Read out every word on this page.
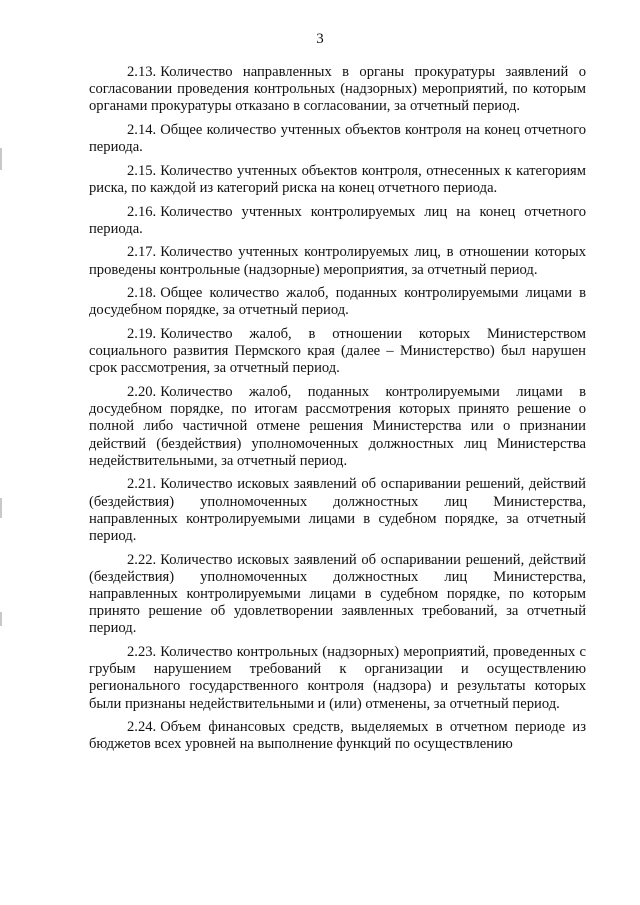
3

2.13. Количество направленных в органы прокуратуры заявлений о согласовании проведения контрольных (надзорных) мероприятий, по которым органами прокуратуры отказано в согласовании, за отчетный период.

2.14. Общее количество учтенных объектов контроля на конец отчетного периода.

2.15. Количество учтенных объектов контроля, отнесенных к категориям риска, по каждой из категорий риска на конец отчетного периода.

2.16. Количество учтенных контролируемых лиц на конец отчетного периода.

2.17. Количество учтенных контролируемых лиц, в отношении которых проведены контрольные (надзорные) мероприятия, за отчетный период.

2.18. Общее количество жалоб, поданных контролируемыми лицами в досудебном порядке, за отчетный период.

2.19. Количество жалоб, в отношении которых Министерством социального развития Пермского края (далее – Министерство) был нарушен срок рассмотрения, за отчетный период.

2.20. Количество жалоб, поданных контролируемыми лицами в досудебном порядке, по итогам рассмотрения которых принято решение о полной либо частичной отмене решения Министерства или о признании действий (бездействия) уполномоченных должностных лиц Министерства недействительными, за отчетный период.

2.21. Количество исковых заявлений об оспаривании решений, действий (бездействия) уполномоченных должностных лиц Министерства, направленных контролируемыми лицами в судебном порядке, за отчетный период.

2.22. Количество исковых заявлений об оспаривании решений, действий (бездействия) уполномоченных должностных лиц Министерства, направленных контролируемыми лицами в судебном порядке, по которым принято решение об удовлетворении заявленных требований, за отчетный период.

2.23. Количество контрольных (надзорных) мероприятий, проведенных с грубым нарушением требований к организации и осуществлению регионального государственного контроля (надзора) и результаты которых были признаны недействительными и (или) отменены, за отчетный период.

2.24. Объем финансовых средств, выделяемых в отчетном периоде из бюджетов всех уровней на выполнение функций по осуществлению
